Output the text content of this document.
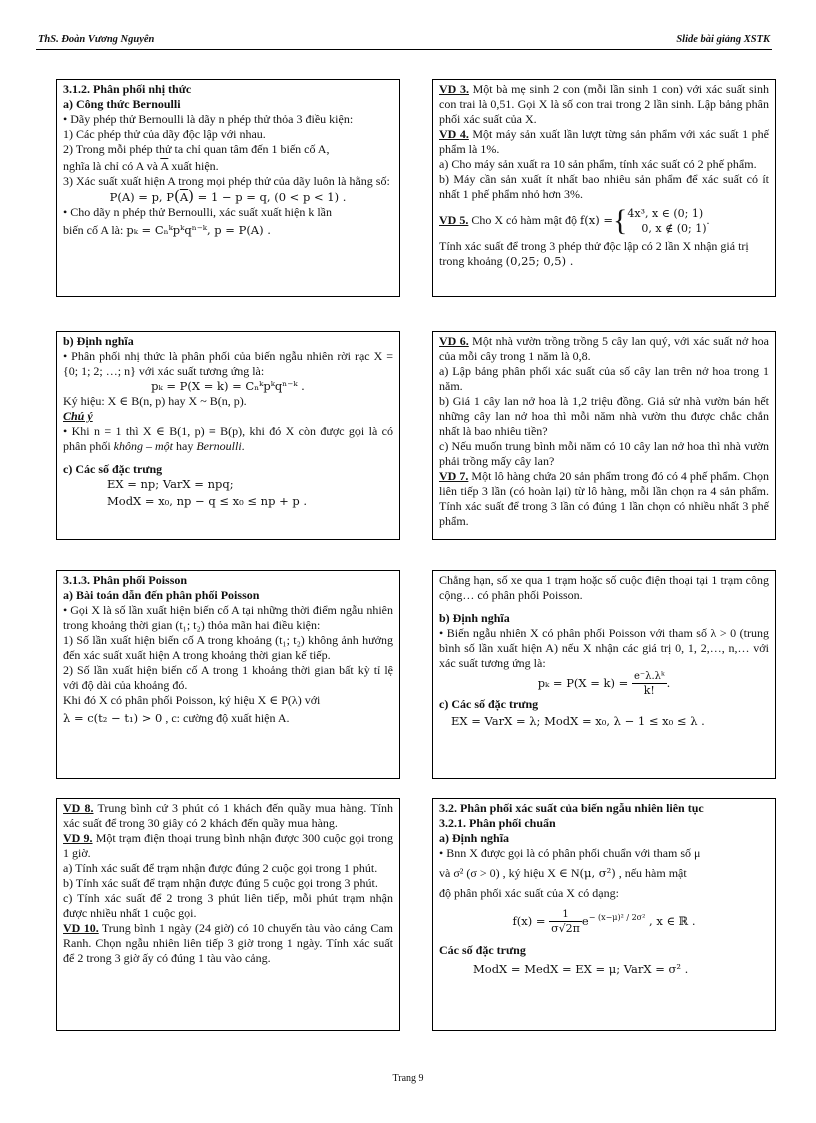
ThS. Đoàn Vương Nguyên	Slide bài giảng XSTK

3.1.2. Phân phối nhị thức

a) Công thức Bernoulli

• Dãy phép thử Bernoulli là dãy n phép thử thỏa 3 điều kiện:

1) Các phép thử của dãy độc lập với nhau.

2) Trong mỗi phép thử ta chỉ quan tâm đến 1 biến cố A,

nghĩa là chỉ có A và $\overline{A}$ xuất hiện.

3) Xác suất xuất hiện A trong mọi phép thử của dãy luôn là hằng số:

P(A) = p, $P(\overline{A}) = 1 - p = q$, (0 < p < 1) .

• Cho dãy n phép thử Bernoulli, xác suất xuất hiện k lần

biến cố A là: pₖ = Cₙᵏpᵏqⁿ⁻ᵏ, p = P(A) .

VD 3. Một bà mẹ sinh 2 con (mỗi lần sinh 1 con) với xác suất sinh con trai là 0,51. Gọi X là số con trai trong 2 lần sinh. Lập bảng phân phối xác suất của X.

VD 4. Một máy sản xuất lần lượt từng sản phẩm với xác suất 1 phế phẩm là 1%.

a) Cho máy sản xuất ra 10 sản phẩm, tính xác suất có 2 phế phẩm.

b) Máy cần sản xuất ít nhất bao nhiêu sản phẩm để xác suất có ít nhất 1 phế phẩm nhỏ hơn 3%.

VD 5. Cho X có hàm mật độ f(x) ={ 4x³, x ∈ (0; 1)
0, x ∉ (0; 1)
.

Tính xác suất để trong 3 phép thử độc lập có 2 lần X nhận giá trị trong khoảng (0,25; 0,5) .

b) Định nghĩa

• Phân phối nhị thức là phân phối của biến ngẫu nhiên rời rạc X = {0; 1; 2; …; n} với xác suất tương ứng là:

pₖ = P(X = k) = Cₙᵏpᵏqⁿ⁻ᵏ .

Ký hiệu: X ∈ B(n, p) hay X ~ B(n, p).

Chú ý

• Khi n = 1 thì X ∈ B(1, p) ≡ B(p), khi đó X còn được gọi là có phân phối không – một hay Bernoulli.

c) Các số đặc trưng

EX = np; VarX = npq;

ModX = x₀, np − q ≤ x₀ ≤ np + p .

VD 6. Một nhà vườn trồng trồng 5 cây lan quý, với xác suất nở hoa của mỗi cây trong 1 năm là 0,8.

a) Lập bảng phân phối xác suất của số cây lan trên nở hoa trong 1 năm.

b) Giá 1 cây lan nở hoa là 1,2 triệu đồng. Giả sử nhà vườn bán hết những cây lan nở hoa thì mỗi năm nhà vườn thu được chắc chắn nhất là bao nhiêu tiền?

c) Nếu muốn trung bình mỗi năm có 10 cây lan nở hoa thì nhà vườn phải trồng mấy cây lan?

VD 7. Một lô hàng chứa 20 sản phẩm trong đó có 4 phế phẩm. Chọn liên tiếp 3 lần (có hoàn lại) từ lô hàng, mỗi lần chọn ra 4 sản phẩm. Tính xác suất để trong 3 lần có đúng 1 lần chọn có nhiều nhất 3 phế phẩm.

3.1.3. Phân phối Poisson

a) Bài toán dẫn đến phân phối Poisson

• Gọi X là số lần xuất hiện biến cố A tại những thời điểm ngẫu nhiên trong khoảng thời gian (t₁; t₂) thỏa mãn hai điều kiện:

1) Số lần xuất hiện biến cố A trong khoảng (t₁; t₂) không ảnh hưởng đến xác suất xuất hiện A trong khoảng thời gian kế tiếp.

2) Số lần xuất hiện biến cố A trong 1 khoảng thời gian bất kỳ tỉ lệ với độ dài của khoảng đó.

Khi đó X có phân phối Poisson, ký hiệu X ∈ P(λ) với

λ = c(t₂ − t₁) > 0 , c: cường độ xuất hiện A.

Chẳng hạn, số xe qua 1 trạm hoặc số cuộc điện thoại tại 1 trạm công cộng… có phân phối Poisson.

b) Định nghĩa

• Biến ngẫu nhiên X có phân phối Poisson với tham số λ > 0 (trung bình số lần xuất hiện A) nếu X nhận các giá trị 0, 1, 2,…, n,… với xác suất tương ứng là:

$p_k = P(X = k) = \frac{\text{e⁻λ.λᵏ}}{k!}$ .

c) Các số đặc trưng

EX = VarX = λ; ModX = x₀, λ − 1 ≤ x₀ ≤ λ .

VD 8. Trung bình cứ 3 phút có 1 khách đến quầy mua hàng. Tính xác suất để trong 30 giây có 2 khách đến quầy mua hàng.

VD 9. Một trạm điện thoại trung bình nhận được 300 cuộc gọi trong 1 giờ.

a) Tính xác suất để trạm nhận được đúng 2 cuộc gọi trong 1 phút.

b) Tính xác suất để trạm nhận được đúng 5 cuộc gọi trong 3 phút.

c) Tính xác suất để 2 trong 3 phút liên tiếp, mỗi phút trạm nhận được nhiều nhất 1 cuộc gọi.

VD 10. Trung bình 1 ngày (24 giờ) có 10 chuyến tàu vào cảng Cam Ranh. Chọn ngẫu nhiên liên tiếp 3 giờ trong 1 ngày. Tính xác suất để 2 trong 3 giờ ấy có đúng 1 tàu vào cảng.

3.2. Phân phối xác suất của biến ngẫu nhiên liên tục

3.2.1. Phân phối chuẩn

a) Định nghĩa

• Bnn X được gọi là có phân phối chuẩn với tham số μ

và σ² (σ > 0) , ký hiệu X ∈ N(μ, σ²) , nếu hàm mật

độ phân phối xác suất của X có dạng:

$f(x) = \frac{1}{\sigma√2\pi} e^{- (x-\mu)^2 / 2\sigma^2}$ , x ∈ ℝ .

Các số đặc trưng

ModX = MedX = EX = μ; VarX = σ² .

Trang 9
